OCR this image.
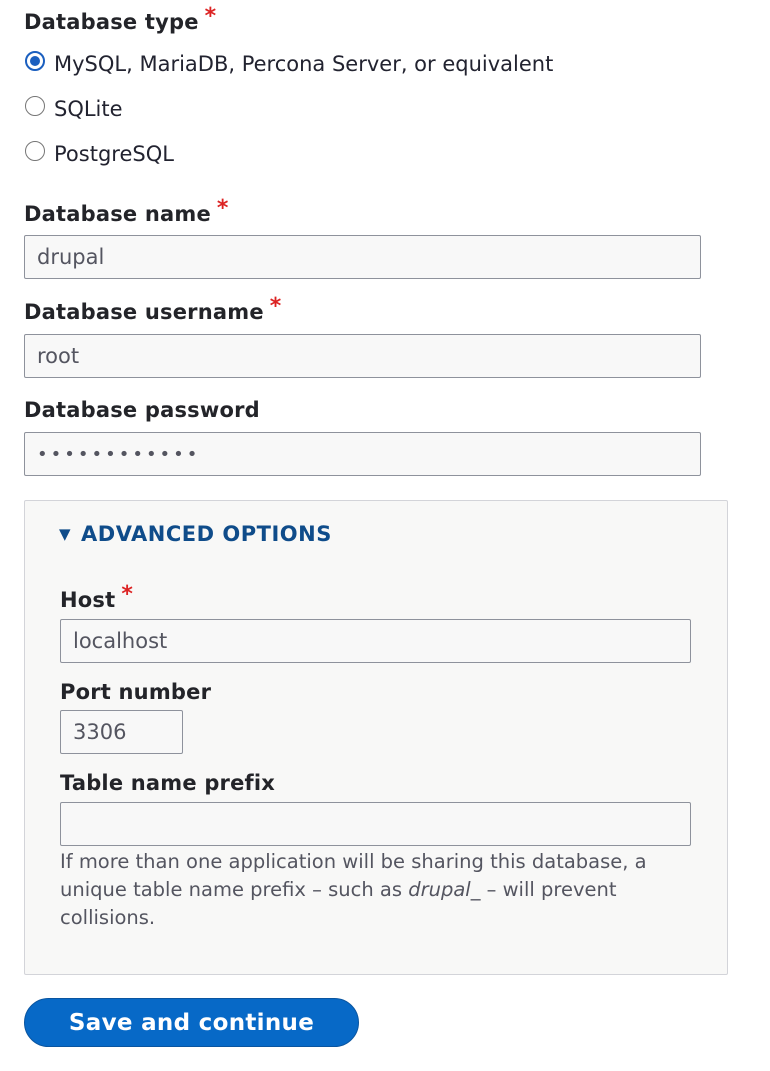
Database type *
MySQL, MariaDB, Percona Server, or equivalent
SQLite
PostgreSQL
Database name *
drupal
Database username *
root
Database password
••••••••••••
▼ ADVANCED OPTIONS
Host *
localhost
Port number
3306
Table name prefix
If more than one application will be sharing this database, a unique table name prefix – such as drupal_ – will prevent collisions.
Save and continue
